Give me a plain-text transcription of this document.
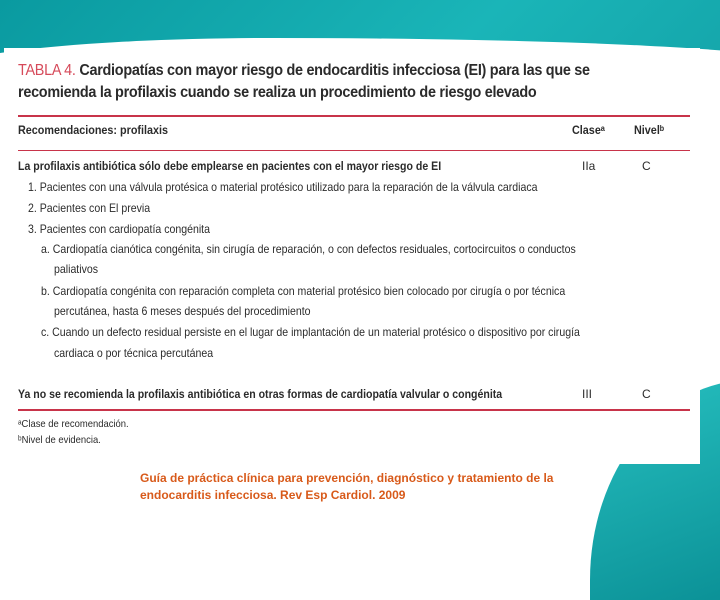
TABLA 4. Cardiopatías con mayor riesgo de endocarditis infecciosa (EI) para las que se recomienda la profilaxis cuando se realiza un procedimiento de riesgo elevado
Recomendaciones: profilaxis	Claseᵃ Nivelᵇ
La profilaxis antibiótica sólo debe emplearse en pacientes con el mayor riesgo de EI	IIa	C
1. Pacientes con una válvula protésica o material protésico utilizado para la reparación de la válvula cardiaca
2. Pacientes con El previa
3. Pacientes con cardiopatía congénita
a. Cardiopatía cianótica congénita, sin cirugía de reparación, o con defectos residuales, cortocircuitos o conductos
paliativos
b. Cardiopatía congénita con reparación completa con material protésico bien colocado por cirugía o por técnica
percutánea, hasta 6 meses después del procedimiento
c. Cuando un defecto residual persiste en el lugar de implantación de un material protésico o dispositivo por cirugía
cardiaca o por técnica percutánea
Ya no se recomienda la profilaxis antibiótica en otras formas de cardiopatía valvular o congénita	III	C
ᵃClase de recomendación.
ᵇNivel de evidencia.
Guía de práctica clínica para prevención, diagnóstico y tratamiento de la endocarditis infecciosa. Rev Esp Cardiol. 2009
